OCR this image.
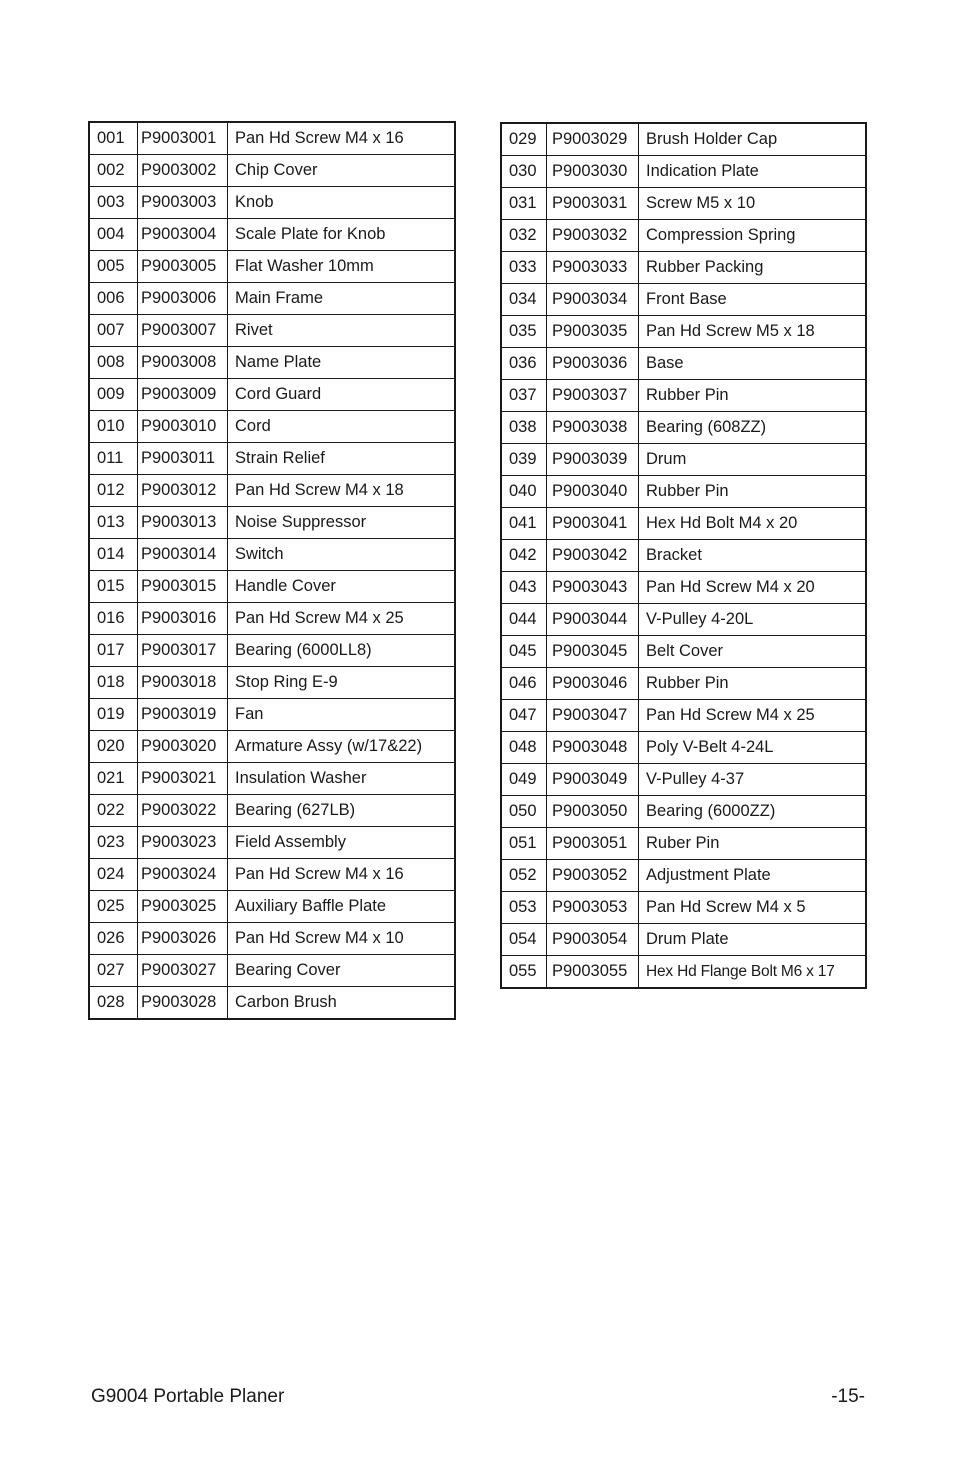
001	P9003001	Pan Hd Screw M4 x 16
002	P9003002	Chip Cover
003	P9003003	Knob
004	P9003004	Scale Plate for Knob
005	P9003005	Flat Washer 10mm
006	P9003006	Main Frame
007	P9003007	Rivet
008	P9003008	Name Plate
009	P9003009	Cord Guard
010	P9003010	Cord
011	P9003011	Strain Relief
012	P9003012	Pan Hd Screw M4 x 18
013	P9003013	Noise Suppressor
014	P9003014	Switch
015	P9003015	Handle Cover
016	P9003016	Pan Hd Screw M4 x 25
017	P9003017	Bearing (6000LL8)
018	P9003018	Stop Ring E-9
019	P9003019	Fan
020	P9003020	Armature Assy (w/17&22)
021	P9003021	Insulation Washer
022	P9003022	Bearing (627LB)
023	P9003023	Field Assembly
024	P9003024	Pan Hd Screw M4 x 16
025	P9003025	Auxiliary Baffle Plate
026	P9003026	Pan Hd Screw M4 x 10
027	P9003027	Bearing Cover
028	P9003028	Carbon Brush
029	P9003029	Brush Holder Cap
030	P9003030	Indication Plate
031	P9003031	Screw M5 x 10
032	P9003032	Compression Spring
033	P9003033	Rubber Packing
034	P9003034	Front Base
035	P9003035	Pan Hd Screw M5 x 18
036	P9003036	Base
037	P9003037	Rubber Pin
038	P9003038	Bearing (608ZZ)
039	P9003039	Drum
040	P9003040	Rubber Pin
041	P9003041	Hex Hd Bolt M4 x 20
042	P9003042	Bracket
043	P9003043	Pan Hd Screw M4 x 20
044	P9003044	V-Pulley 4-20L
045	P9003045	Belt Cover
046	P9003046	Rubber Pin
047	P9003047	Pan Hd Screw M4 x 25
048	P9003048	Poly V-Belt 4-24L
049	P9003049	V-Pulley 4-37
050	P9003050	Bearing (6000ZZ)
051	P9003051	Ruber Pin
052	P9003052	Adjustment Plate
053	P9003053	Pan Hd Screw M4 x 5
054	P9003054	Drum Plate
055	P9003055	Hex Hd Flange Bolt M6 x 17
G9004 Portable Planer	-15-
